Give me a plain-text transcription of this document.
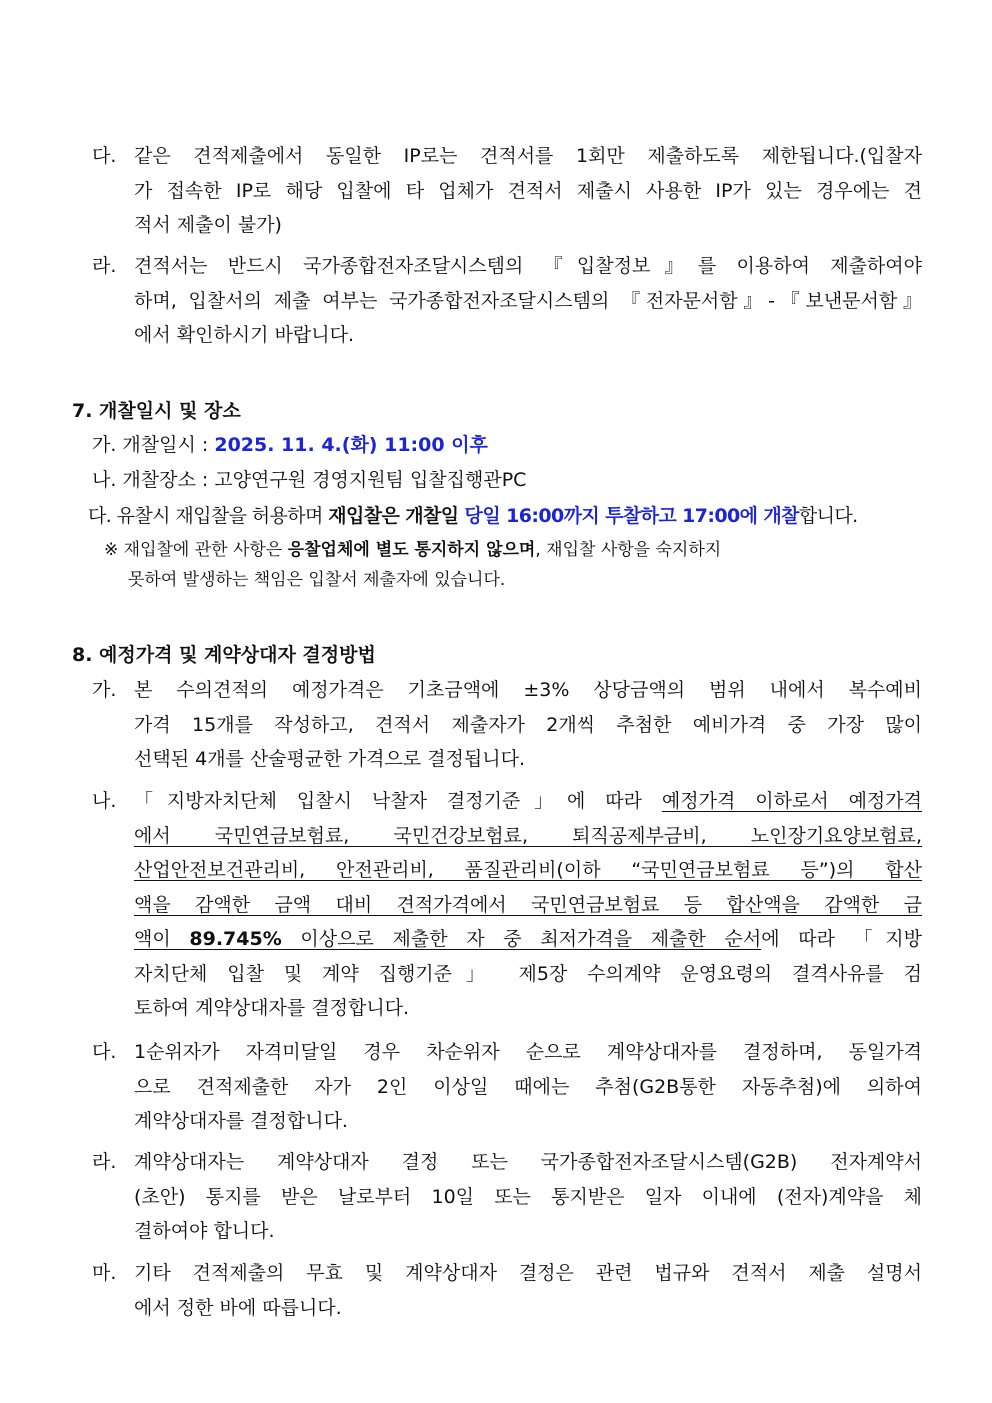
다. 같은 견적제출에서 동일한 IP로는 견적서를 1회만 제출하도록 제한됩니다.(입찰자
가 접속한 IP로 해당 입찰에 타 업체가 견적서 제출시 사용한 IP가 있는 경우에는 견
적서 제출이 불가)
라. 견적서는 반드시 국가종합전자조달시스템의 『입찰정보』를 이용하여 제출하여야
하며, 입찰서의 제출 여부는 국가종합전자조달시스템의 『전자문서함』-『보낸문서함』
에서 확인하시기 바랍니다.
7. 개찰일시 및 장소
가. 개찰일시 : 2025. 11. 4.(화) 11:00 이후
나. 개찰장소 : 고양연구원 경영지원팀 입찰집행관PC
다. 유찰시 재입찰을 허용하며 재입찰은 개찰일 당일 16:00까지 투찰하고 17:00에 개찰합니다.
※ 재입찰에 관한 사항은 응찰업체에 별도 통지하지 않으며, 재입찰 사항을 숙지하지
못하여 발생하는 책임은 입찰서 제출자에 있습니다.
8. 예정가격 및 계약상대자 결정방법
가. 본 수의견적의 예정가격은 기초금액에 ±3% 상당금액의 범위 내에서 복수예비
가격 15개를 작성하고, 견적서 제출자가 2개씩 추첨한 예비가격 중 가장 많이
선택된 4개를 산술평균한 가격으로 결정됩니다.
나. 「지방자치단체 입찰시 낙찰자 결정기준」에 따라 예정가격 이하로서 예정가격
에서 국민연금보험료, 국민건강보험료, 퇴직공제부금비, 노인장기요양보험료,
산업안전보건관리비, 안전관리비, 품질관리비(이하 “국민연금보험료 등”)의 합산
액을 감액한 금액 대비 견적가격에서 국민연금보험료 등 합산액을 감액한 금
액이 89.745% 이상으로 제출한 자 중 최저가격을 제출한 순서에 따라 「지방
자치단체 입찰 및 계약 집행기준」 제5장 수의계약 운영요령의 결격사유를 검
토하여 계약상대자를 결정합니다.
다. 1순위자가 자격미달일 경우 차순위자 순으로 계약상대자를 결정하며, 동일가격
으로 견적제출한 자가 2인 이상일 때에는 추첨(G2B통한 자동추첨)에 의하여
계약상대자를 결정합니다.
라. 계약상대자는 계약상대자 결정 또는 국가종합전자조달시스템(G2B) 전자계약서
(초안) 통지를 받은 날로부터 10일 또는 통지받은 일자 이내에 (전자)계약을 체
결하여야 합니다.
마. 기타 견적제출의 무효 및 계약상대자 결정은 관련 법규와 견적서 제출 설명서
에서 정한 바에 따릅니다.
